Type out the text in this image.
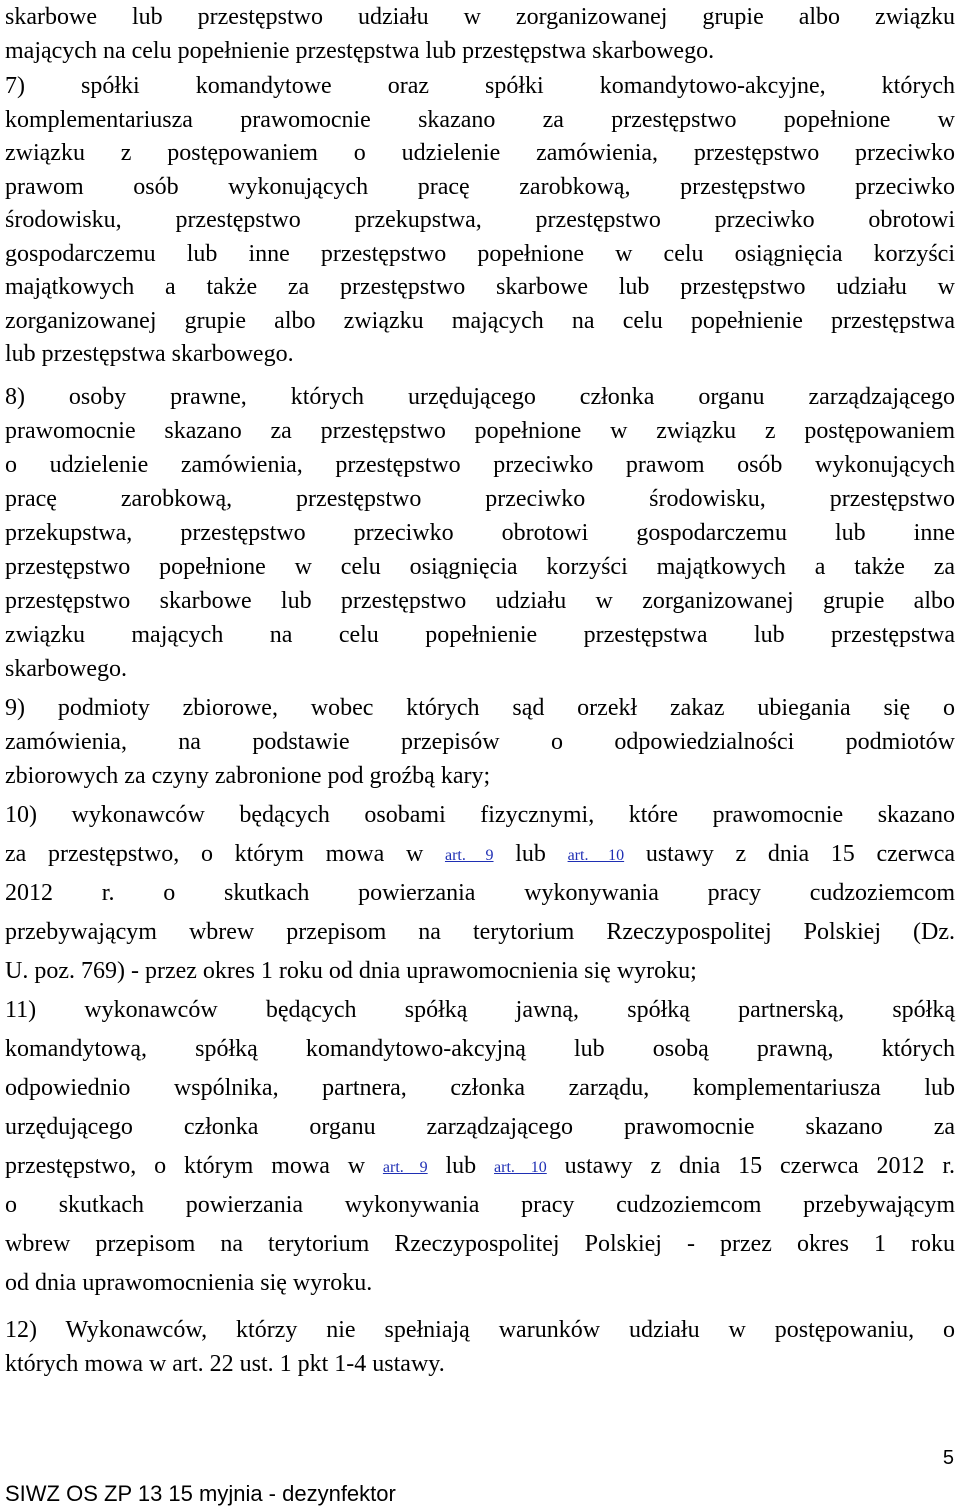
skarbowe lub przestępstwo udziału w zorganizowanej grupie albo związku
mających na celu popełnienie przestępstwa lub przestępstwa skarbowego.
7) spółki komandytowe oraz spółki komandytowo-akcyjne, których
komplementariusza prawomocnie skazano za przestępstwo popełnione w
związku z postępowaniem o udzielenie zamówienia, przestępstwo przeciwko
prawom osób wykonujących pracę zarobkową, przestępstwo przeciwko
środowisku, przestępstwo przekupstwa, przestępstwo przeciwko obrotowi
gospodarczemu lub inne przestępstwo popełnione w celu osiągnięcia korzyści
majątkowych a także za przestępstwo skarbowe lub przestępstwo udziału w
zorganizowanej grupie albo związku mających na celu popełnienie przestępstwa
lub przestępstwa skarbowego.
8) osoby prawne, których urzędującego członka organu zarządzającego
prawomocnie skazano za przestępstwo popełnione w związku z postępowaniem
o udzielenie zamówienia, przestępstwo przeciwko prawom osób wykonujących
pracę zarobkową, przestępstwo przeciwko środowisku, przestępstwo
przekupstwa, przestępstwo przeciwko obrotowi gospodarczemu lub inne
przestępstwo popełnione w celu osiągnięcia korzyści majątkowych a także za
przestępstwo skarbowe lub przestępstwo udziału w zorganizowanej grupie albo
związku mających na celu popełnienie przestępstwa lub przestępstwa
skarbowego.
9) podmioty zbiorowe, wobec których sąd orzekł zakaz ubiegania się o
zamówienia, na podstawie przepisów o odpowiedzialności podmiotów
zbiorowych za czyny zabronione pod groźbą kary;
10) wykonawców będących osobami fizycznymi, które prawomocnie skazano
za przestępstwo, o którym mowa w art. 9 lub art. 10 ustawy z dnia 15 czerwca
2012 r. o skutkach powierzania wykonywania pracy cudzoziemcom
przebywającym wbrew przepisom na terytorium Rzeczypospolitej Polskiej (Dz.
U. poz. 769) - przez okres 1 roku od dnia uprawomocnienia się wyroku;
11) wykonawców będących spółką jawną, spółką partnerską, spółką
komandytową, spółką komandytowo-akcyjną lub osobą prawną, których
odpowiednio wspólnika, partnera, członka zarządu, komplementariusza lub
urzędującego członka organu zarządzającego prawomocnie skazano za
przestępstwo, o którym mowa w art. 9 lub art. 10 ustawy z dnia 15 czerwca 2012 r.
o skutkach powierzania wykonywania pracy cudzoziemcom przebywającym
wbrew przepisom na terytorium Rzeczypospolitej Polskiej - przez okres 1 roku
od dnia uprawomocnienia się wyroku.
12) Wykonawców, którzy nie spełniają warunków udziału w postępowaniu, o
których mowa w art. 22 ust. 1 pkt 1-4 ustawy.
5
SIWZ OS ZP 13 15 myjnia - dezynfektor
